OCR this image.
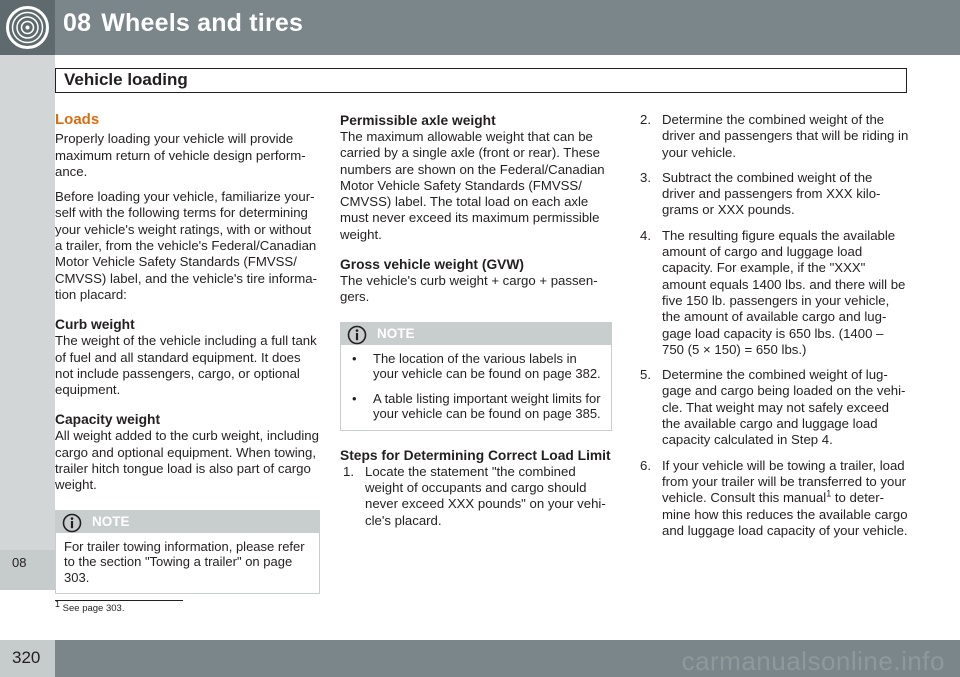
08 Wheels and tires
08
Vehicle loading
Loads

Properly loading your vehicle will provide maximum return of vehicle design perform- ance.

Before loading your vehicle, familiarize your- self with the following terms for determining your vehicle's weight ratings, with or without a trailer, from the vehicle's Federal/Canadian Motor Vehicle Safety Standards (FMVSS/ CMVSS) label, and the vehicle's tire informa- tion placard:

Curb weight

The weight of the vehicle including a full tank of fuel and all standard equipment. It does not include passengers, cargo, or optional equipment.

Capacity weight

All weight added to the curb weight, including cargo and optional equipment. When towing, trailer hitch tongue load is also part of cargo weight.

NOTE
For trailer towing information, please refer to the section "Towing a trailer" on page 303.
Permissible axle weight

The maximum allowable weight that can be carried by a single axle (front or rear). These numbers are shown on the Federal/Canadian Motor Vehicle Safety Standards (FMVSS/ CMVSS) label. The total load on each axle must never exceed its maximum permissible weight.

Gross vehicle weight (GVW)

The vehicle's curb weight + cargo + passen- gers.

NOTE
• The location of the various labels in your vehicle can be found on page 382.
• A table listing important weight limits for your vehicle can be found on page 385.
Steps for Determining Correct Load Limit
1. Locate the statement "the combined weight of occupants and cargo should never exceed XXX pounds" on your vehi- cle's placard.
2. Determine the combined weight of the driver and passengers that will be riding in your vehicle.
3. Subtract the combined weight of the driver and passengers from XXX kilo- grams or XXX pounds.
4. The resulting figure equals the available amount of cargo and luggage load capacity. For example, if the "XXX" amount equals 1400 lbs. and there will be five 150 lb. passengers in your vehicle, the amount of available cargo and lug- gage load capacity is 650 lbs. (1400 – 750 (5 × 150) = 650 lbs.)
5. Determine the combined weight of lug- gage and cargo being loaded on the vehi- cle. That weight may not safely exceed the available cargo and luggage load capacity calculated in Step 4.
6. If your vehicle will be towing a trailer, load from your trailer will be transferred to your vehicle. Consult this manual$^1$ to deter- mine how this reduces the available cargo and luggage load capacity of your vehicle.
$^1$ See page 303.
320	carmanualsonline.info
